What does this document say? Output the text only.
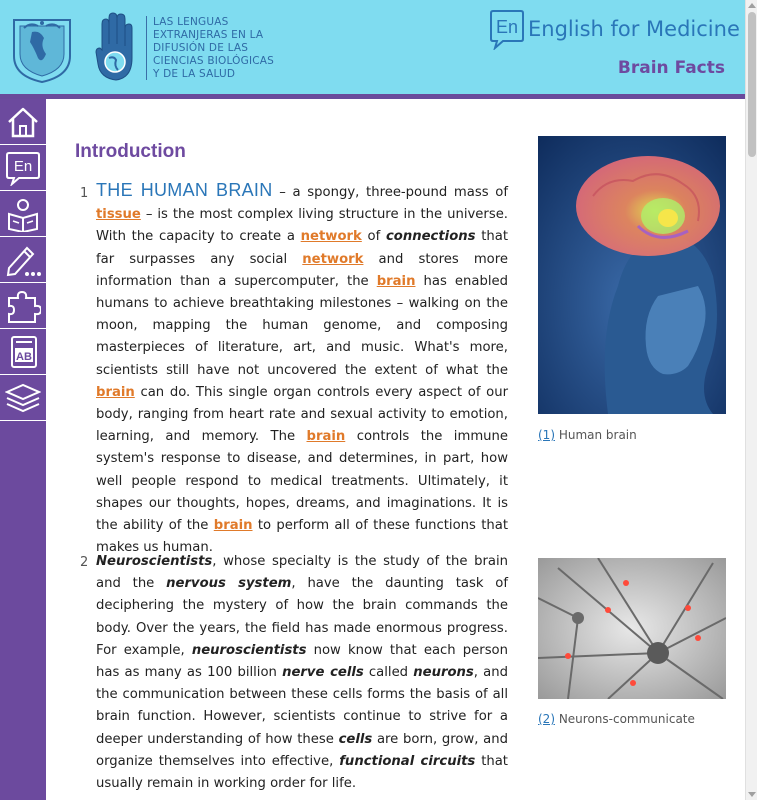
LAS LENGUAS
EXTRANJERAS EN LA
DIFUSIÓN DE LAS
CIENCIAS BIOLÓGICAS
Y DE LA SALUD
En English for Medicine
Brain Facts
En
AB
Introduction
1 THE HUMAN BRAIN – a spongy, three-pound mass of tissue – is the most complex living structure in the universe. With the capacity to create a network of connections that far surpasses any social network and stores more information than a supercomputer, the brain has enabled humans to achieve breathtaking milestones – walking on the moon, mapping the human genome, and composing masterpieces of literature, art, and music. What's more, scientists still have not uncovered the extent of what the brain can do. This single organ controls every aspect of our body, ranging from heart rate and sexual activity to emotion, learning, and memory. The brain controls the immune system's response to disease, and determines, in part, how well people respond to medical treatments. Ultimately, it shapes our thoughts, hopes, dreams, and imaginations. It is the ability of the brain to perform all of these functions that makes us human.
2 Neuroscientists, whose specialty is the study of the brain and the nervous system, have the daunting task of deciphering the mystery of how the brain commands the body. Over the years, the field has made enormous progress. For example, neuroscientists now know that each person has as many as 100 billion nerve cells called neurons, and the communication between these cells forms the basis of all brain function. However, scientists continue to strive for a deeper understanding of how these cells are born, grow, and organize themselves into effective, functional circuits that usually remain in working order for life.
(1) Human brain
(2) Neurons-communicate
